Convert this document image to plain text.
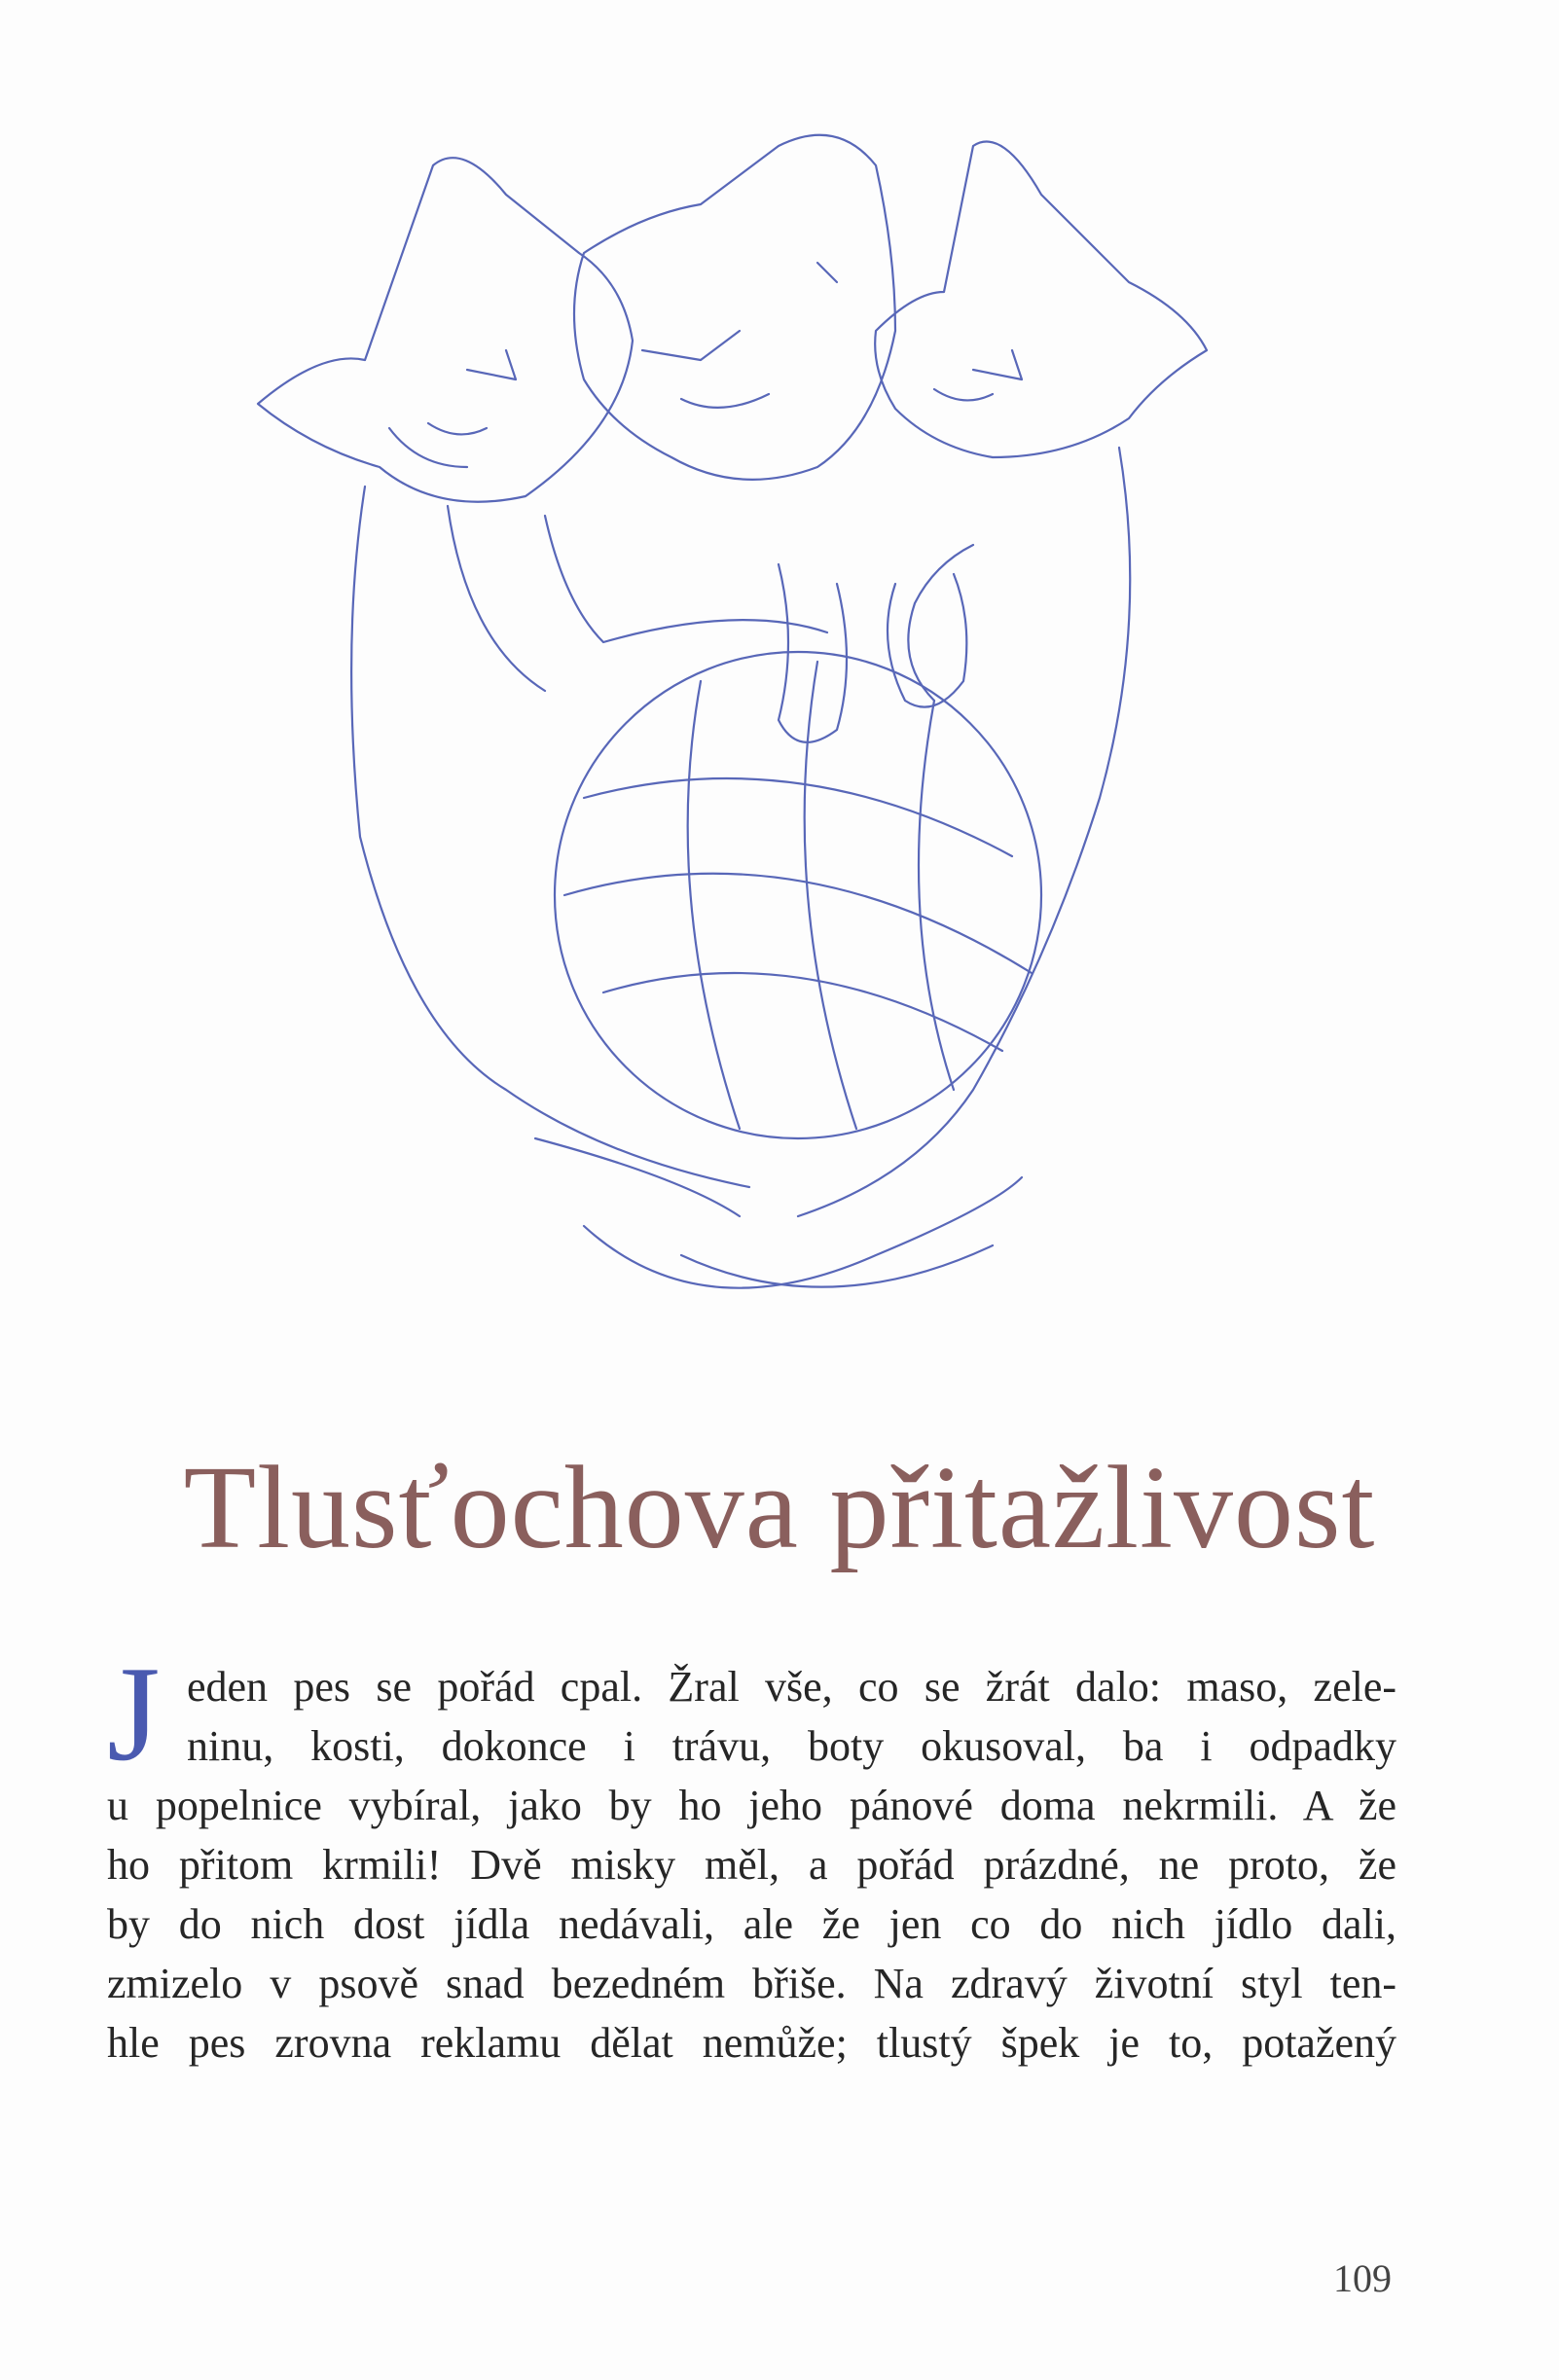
Tlusťochova přitažlivost
J eden pes se pořád cpal. Žral vše, co se žrát dalo: maso, zele-
ninu, kosti, dokonce i trávu, boty okusoval, ba i odpadky
u popelnice vybíral, jako by ho jeho pánové doma nekrmili. A že
ho přitom krmili! Dvě misky měl, a pořád prázdné, ne proto, že
by do nich dost jídla nedávali, ale že jen co do nich jídlo dali,
zmizelo v psově snad bezedném břiše. Na zdravý životní styl ten-
hle pes zrovna reklamu dělat nemůže; tlustý špek je to, potažený
109
